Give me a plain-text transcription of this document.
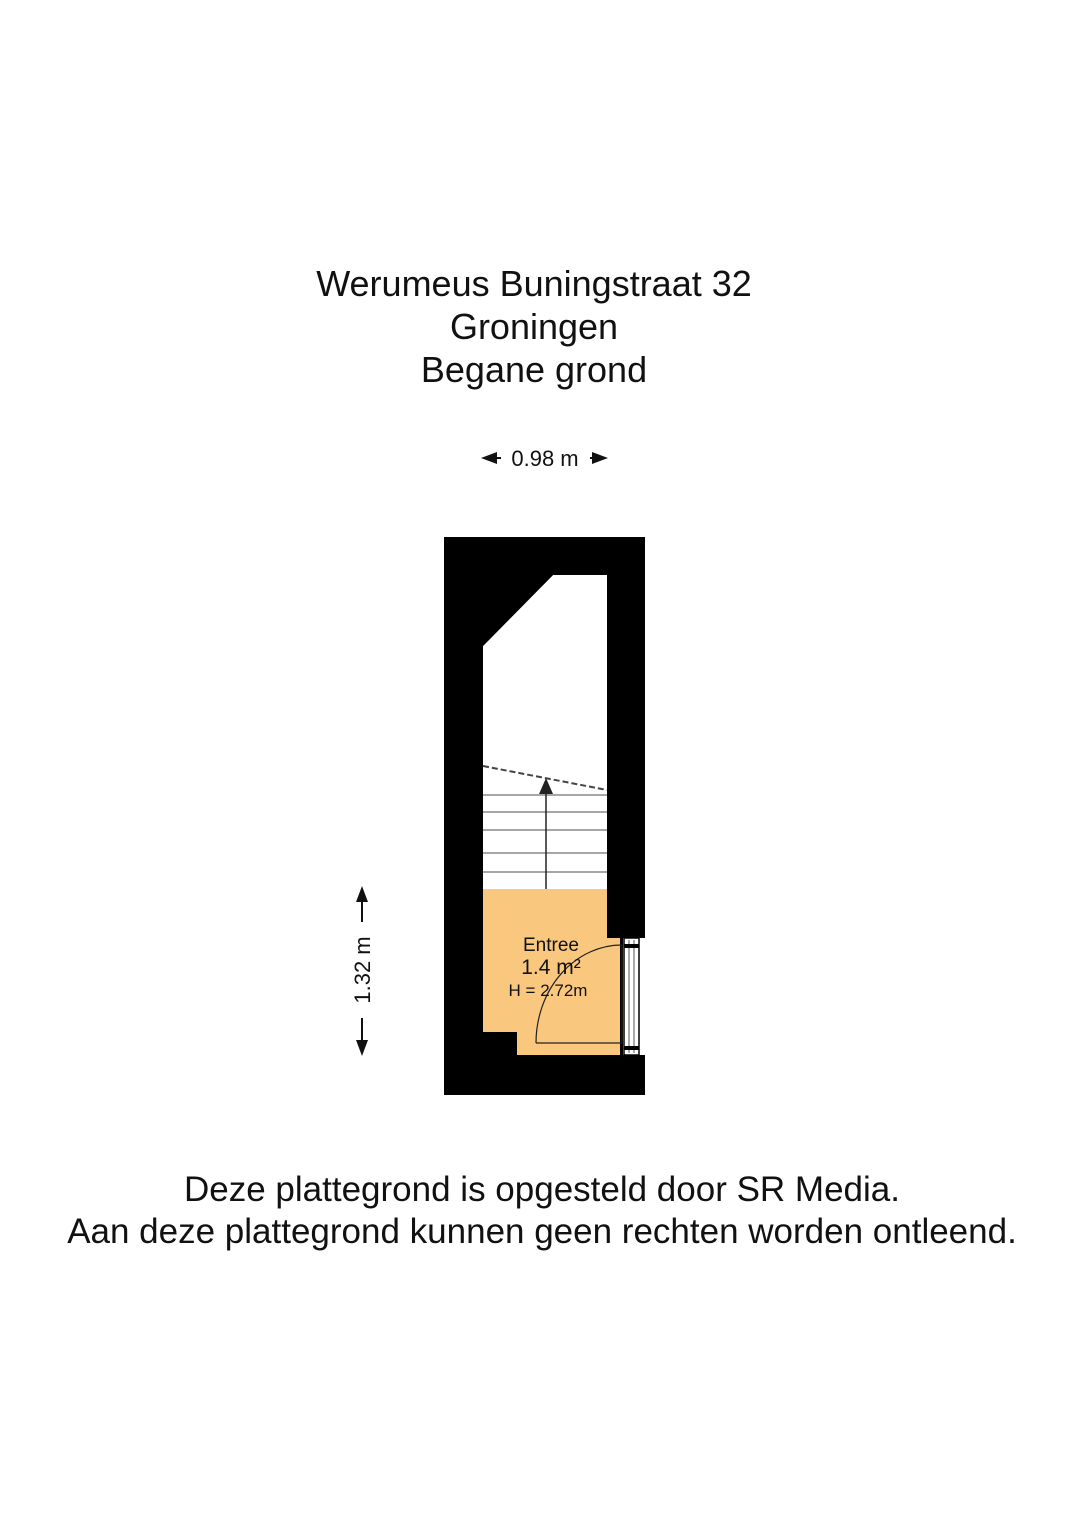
Werumeus Buningstraat 32
Groningen
Begane grond
0.98 m
1.32 m	Entree
1.4 m²
H = 2.72m
Deze plattegrond is opgesteld door SR Media.
Aan deze plattegrond kunnen geen rechten worden ontleend.
